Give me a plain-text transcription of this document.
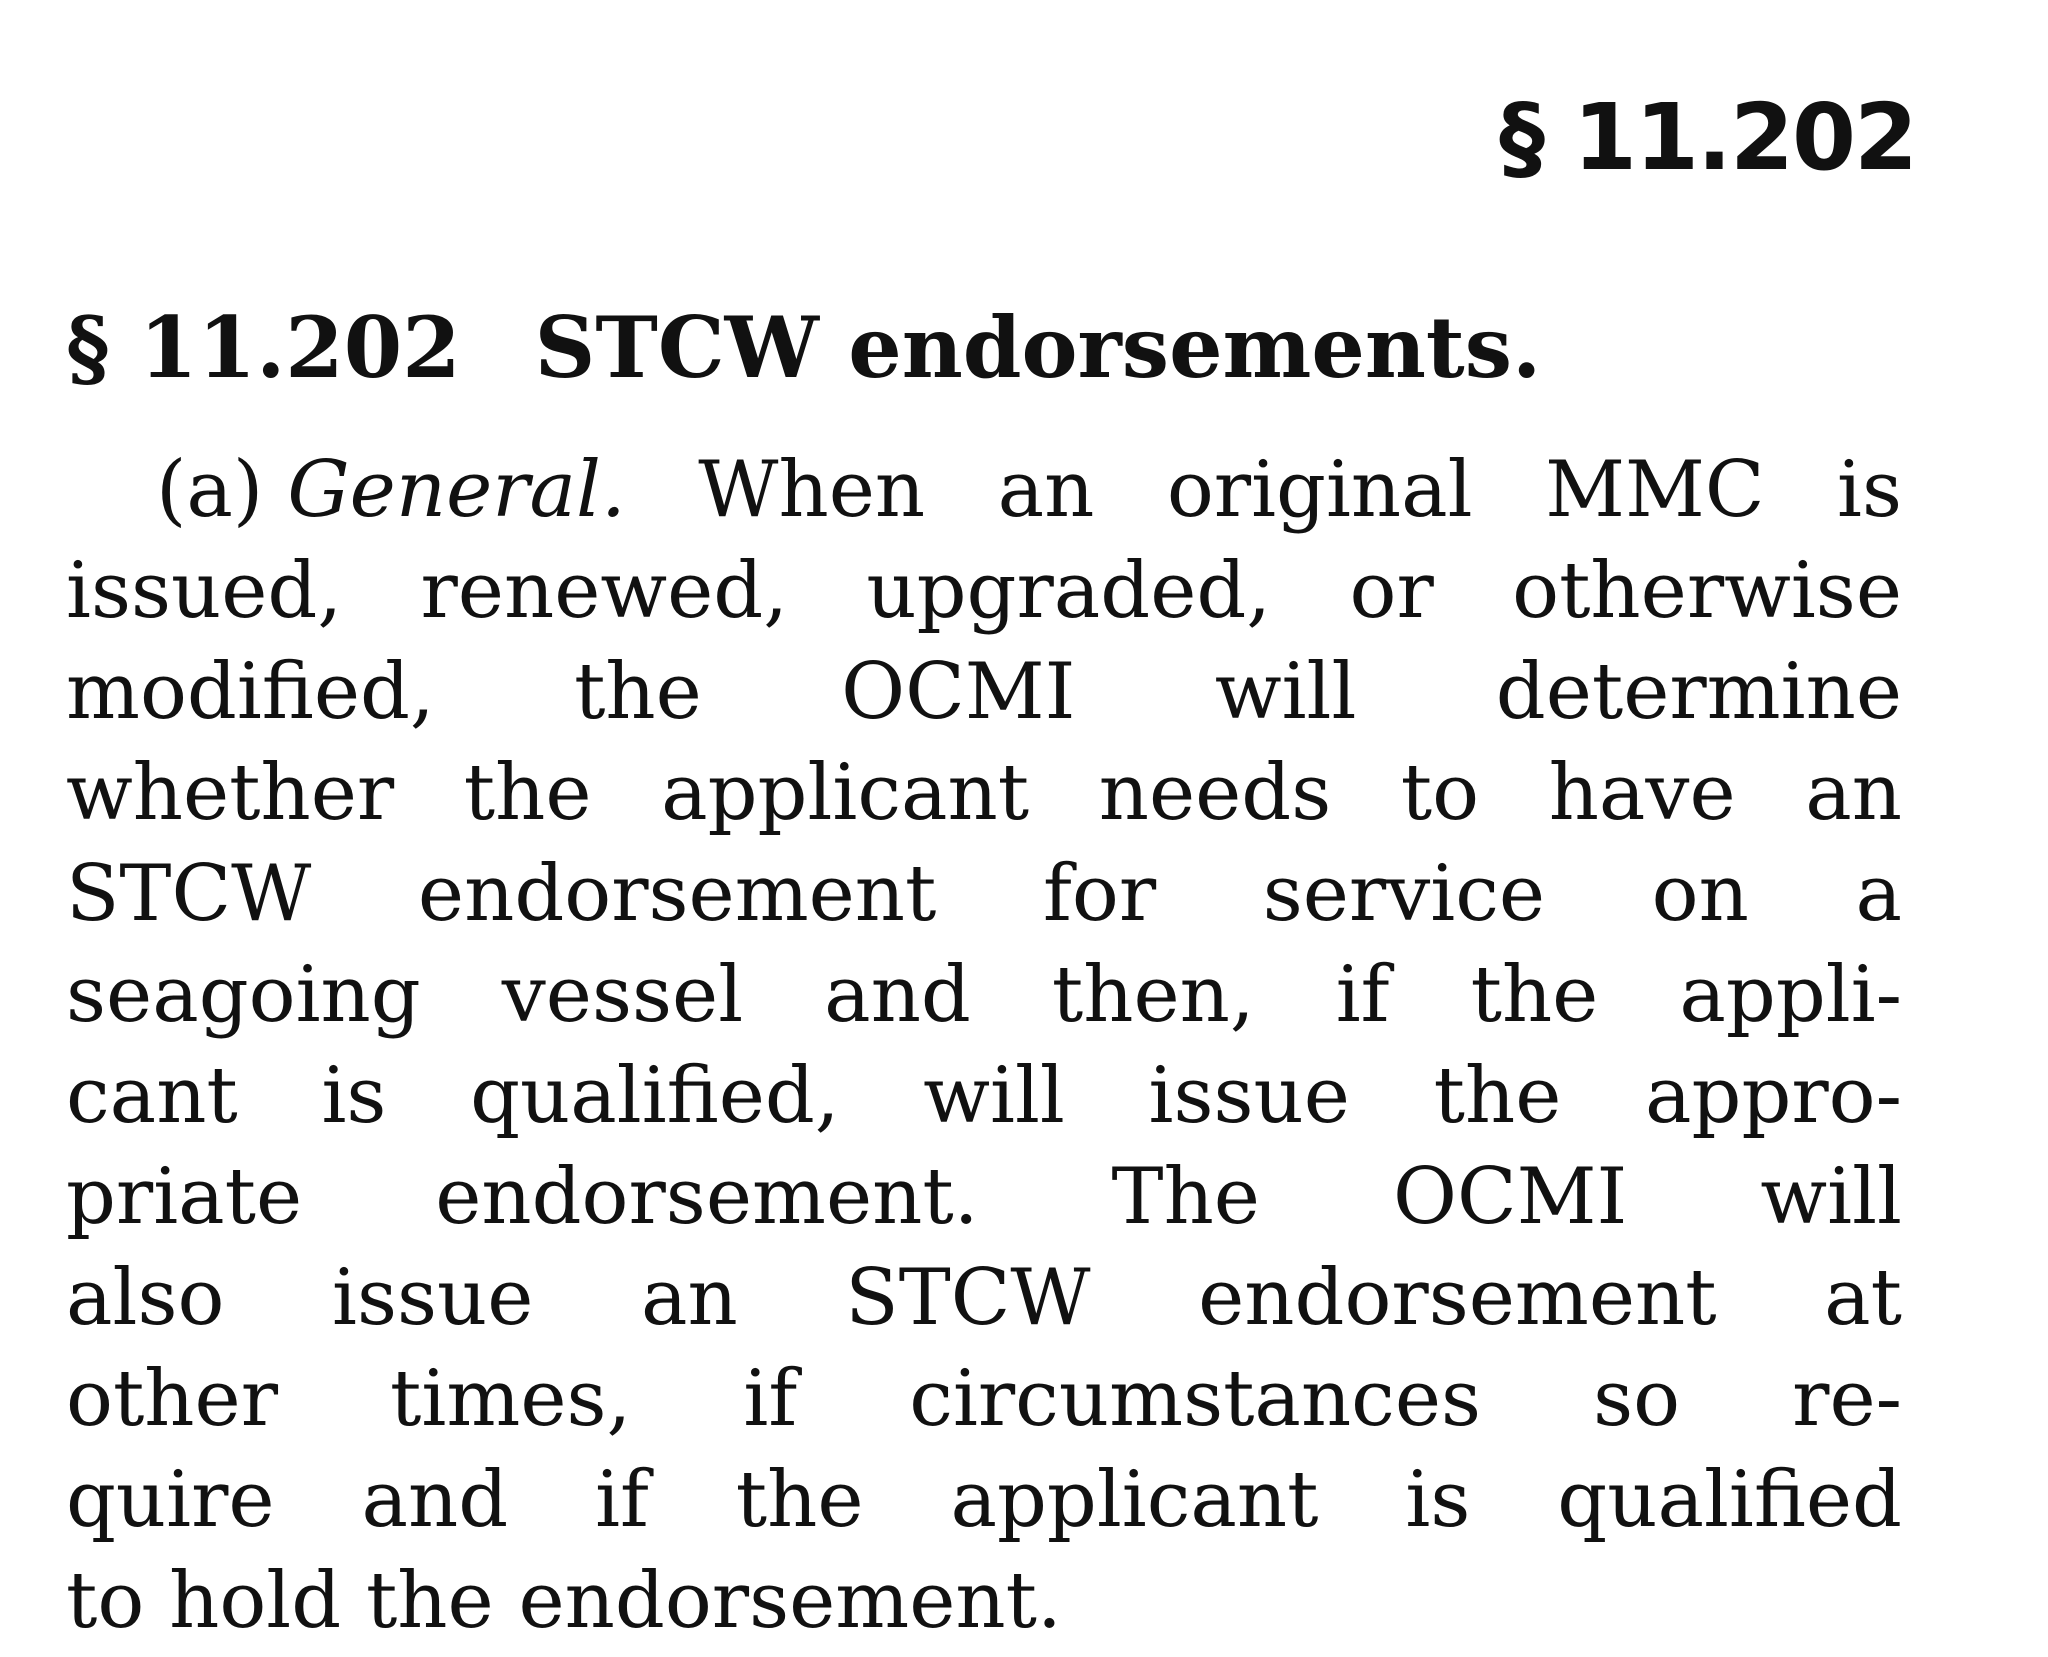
§ 11.202
§ 11.202 STCW endorsements.
(a) General. When an original MMC is
issued, renewed, upgraded, or otherwise
modified, the OCMI will determine
whether the applicant needs to have an
STCW endorsement for service on a
seagoing vessel and then, if the appli-
cant is qualified, will issue the appro-
priate endorsement. The OCMI will
also issue an STCW endorsement at
other times, if circumstances so re-
quire and if the applicant is qualified
to hold the endorsement.
